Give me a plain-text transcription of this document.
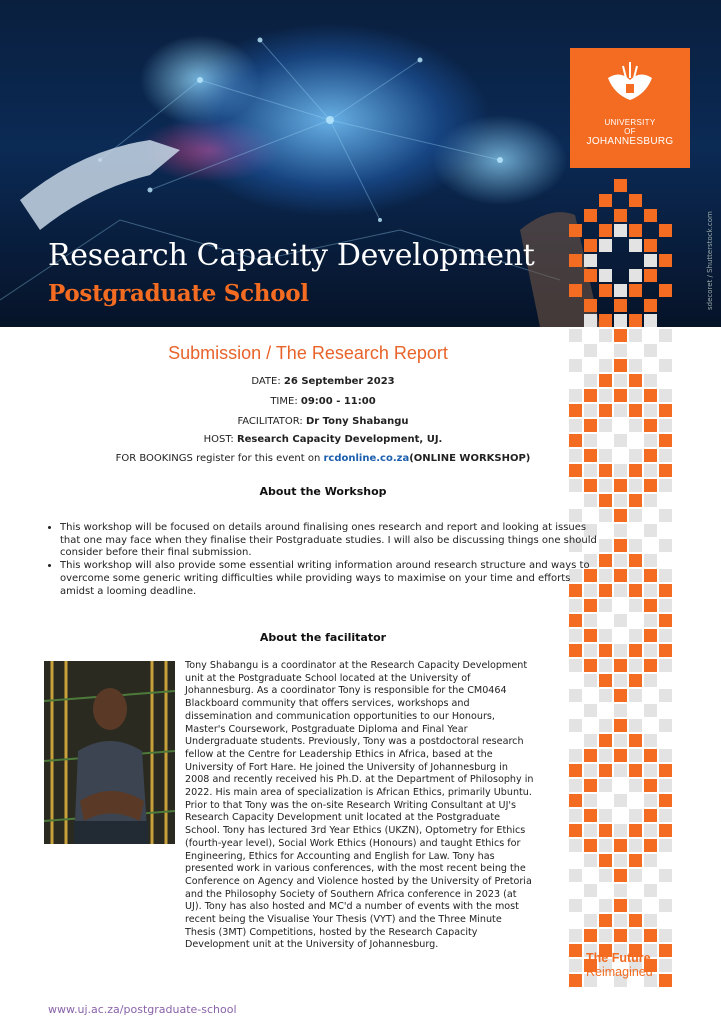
UNIVERSITY
OF
JOHANNESBURG
Research Capacity Development
Postgraduate School	sdecoret / Shutterstock.com
Submission / The Research Report
DATE: 26 September 2023
TIME: 09:00 - 11:00
FACILITATOR: Dr Tony Shabangu
HOST: Research Capacity Development, UJ.
FOR BOOKINGS register for this event on rcdonline.co.za(ONLINE WORKSHOP)
About the Workshop
• This workshop will be focused on details around finalising ones research and report and looking at issues that one may face when they finalise their Postgraduate studies. I will also be discussing things one should consider before their final submission.
• This workshop will also provide some essential writing information around research structure and ways to overcome some generic writing difficulties while providing ways to maximise on your time and efforts amidst a looming deadline.
About the facilitator

Tony Shabangu is a coordinator at the Research Capacity Development unit at the Postgraduate School located at the University of Johannesburg. As a coordinator Tony is responsible for the CM0464 Blackboard community that offers services, workshops and dissemination and communication opportunities to our Honours, Master's Coursework, Postgraduate Diploma and Final Year Undergraduate students. Previously, Tony was a postdoctoral research fellow at the Centre for Leadership Ethics in Africa, based at the University of Fort Hare. He joined the University of Johannesburg in 2008 and recently received his Ph.D. at the Department of Philosophy in 2022. His main area of specialization is African Ethics, primarily Ubuntu. Prior to that Tony was the on-site Research Writing Consultant at UJ's Research Capacity Development unit located at the Postgraduate School. Tony has lectured 3rd Year Ethics (UKZN), Optometry for Ethics (fourth-year level), Social Work Ethics (Honours) and taught Ethics for Engineering, Ethics for Accounting and English for Law. Tony has presented work in various conferences, with the most recent being the Conference on Agency and Violence hosted by the University of Pretoria and the Philosophy Society of Southern Africa conference in 2023 (at UJ). Tony has also hosted and MC'd a number of events with the most recent being the Visualise Your Thesis (VYT) and the Three Minute Thesis (3MT) Competitions, hosted by the Research Capacity Development unit at the University of Johannesburg.

www.uj.ac.za/postgraduate-school
The Future
Reimagined
